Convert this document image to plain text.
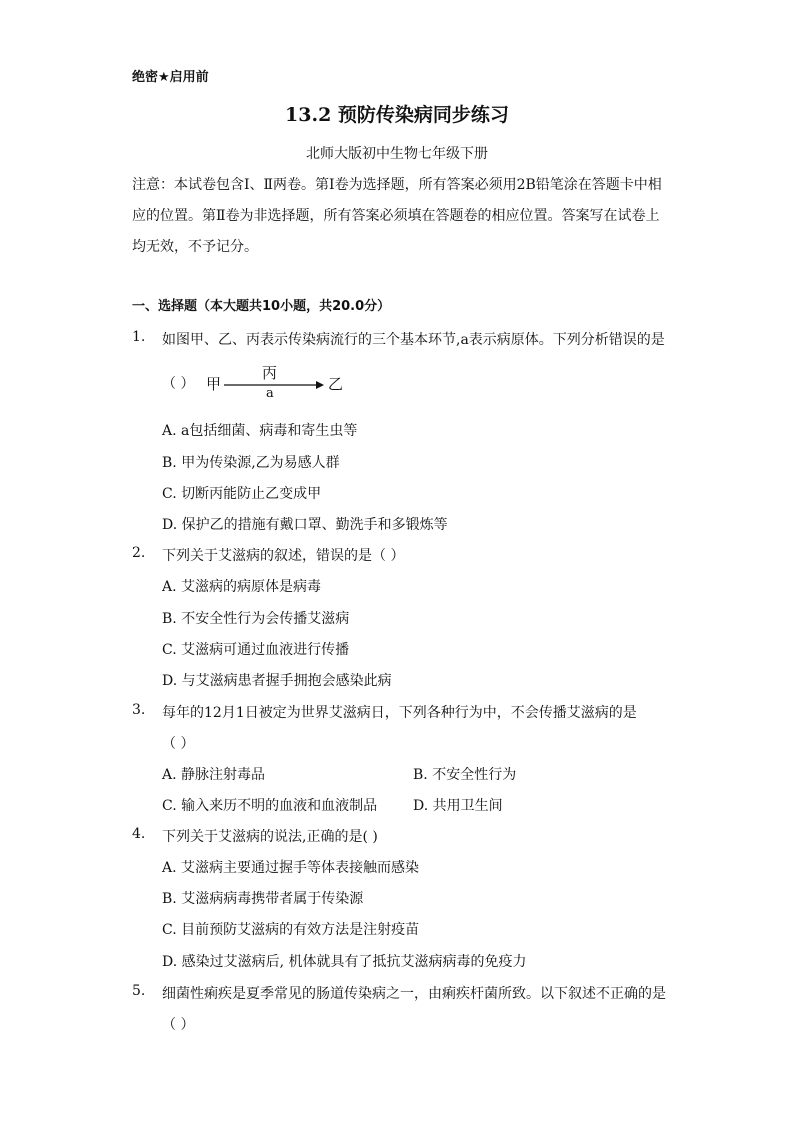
绝密★启用前
13.2 预防传染病同步练习
北师大版初中生物七年级下册
注意：本试卷包含Ⅰ、Ⅱ两卷。第Ⅰ卷为选择题，所有答案必须用2B铅笔涂在答题卡中相应的位置。第Ⅱ卷为非选择题，所有答案必须填在答题卷的相应位置。答案写在试卷上均无效，不予记分。
一、选择题（本大题共10小题，共20.0分）
1.	如图甲、乙、丙表示传染病流行的三个基本环节,a表示病原体。下列分析错误的是
（ ） 甲
丙
a
乙
A. a包括细菌、病毒和寄生虫等
B. 甲为传染源,乙为易感人群
C. 切断丙能防止乙变成甲
D. 保护乙的措施有戴口罩、勤洗手和多锻炼等
2.	下列关于艾滋病的叙述，错误的是（ ）
A. 艾滋病的病原体是病毒
B. 不安全性行为会传播艾滋病
C. 艾滋病可通过血液进行传播
D. 与艾滋病患者握手拥抱会感染此病
3.	每年的12月1日被定为世界艾滋病日，下列各种行为中，不会传播艾滋病的是
（ ）
A. 静脉注射毒品	B. 不安全性行为
C. 输入来历不明的血液和血液制品	D. 共用卫生间
4.	下列关于艾滋病的说法,正确的是( )
A. 艾滋病主要通过握手等体表接触而感染
B. 艾滋病病毒携带者属于传染源
C. 目前预防艾滋病的有效方法是注射疫苗
D. 感染过艾滋病后, 机体就具有了抵抗艾滋病病毒的免疫力
5.	细菌性痢疾是夏季常见的肠道传染病之一，由痢疾杆菌所致。以下叙述不正确的是
（ ）
